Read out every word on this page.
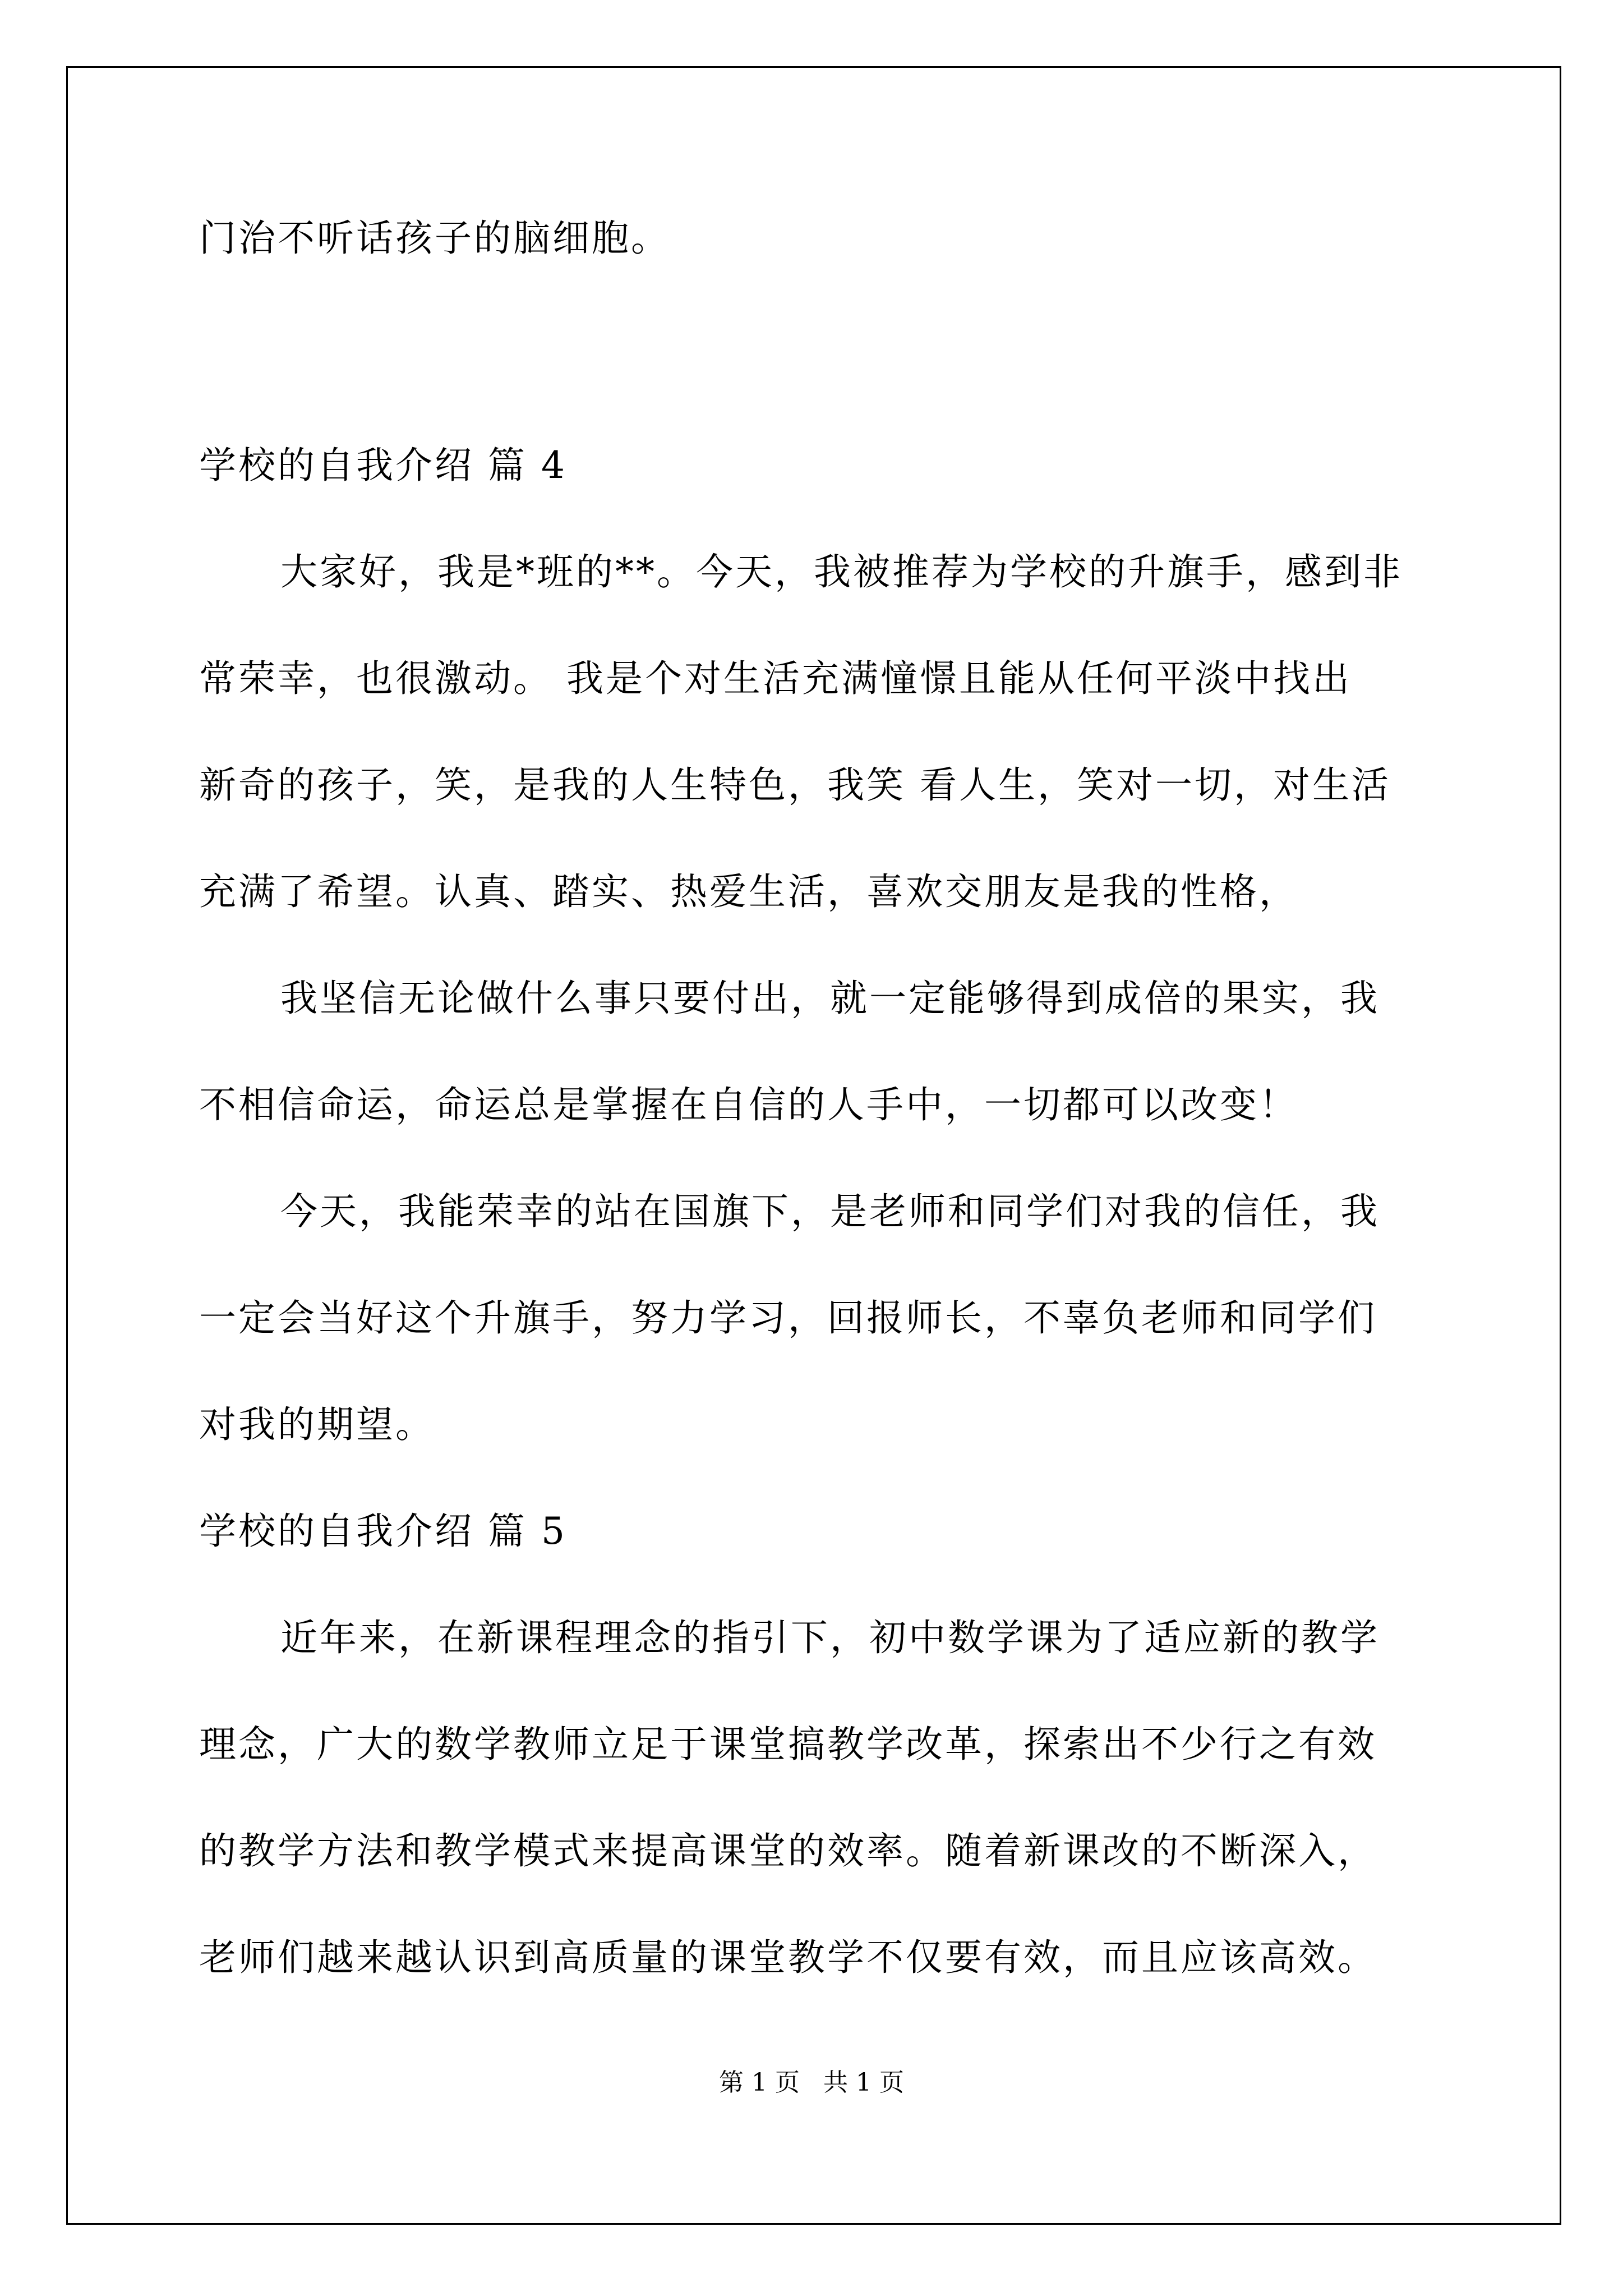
门治不听话孩子的脑细胞。
学校的自我介绍 篇 4
大家好，我是*班的**。今天，我被推荐为学校的升旗手，感到非
常荣幸，也很激动。 我是个对生活充满憧憬且能从任何平淡中找出
新奇的孩子，笑，是我的人生特色，我笑 看人生，笑对一切，对生活
充满了希望。认真、踏实、热爱生活，喜欢交朋友是我的性格，
我坚信无论做什么事只要付出，就一定能够得到成倍的果实，我
不相信命运，命运总是掌握在自信的人手中，一切都可以改变！
今天，我能荣幸的站在国旗下，是老师和同学们对我的信任，我
一定会当好这个升旗手，努力学习，回报师长，不辜负老师和同学们
对我的期望。
学校的自我介绍 篇 5
近年来，在新课程理念的指引下，初中数学课为了适应新的教学
理念，广大的数学教师立足于课堂搞教学改革，探索出不少行之有效
的教学方法和教学模式来提高课堂的效率。随着新课改的不断深入，
老师们越来越认识到高质量的课堂教学不仅要有效，而且应该高效。
第 1 页 共 1 页
